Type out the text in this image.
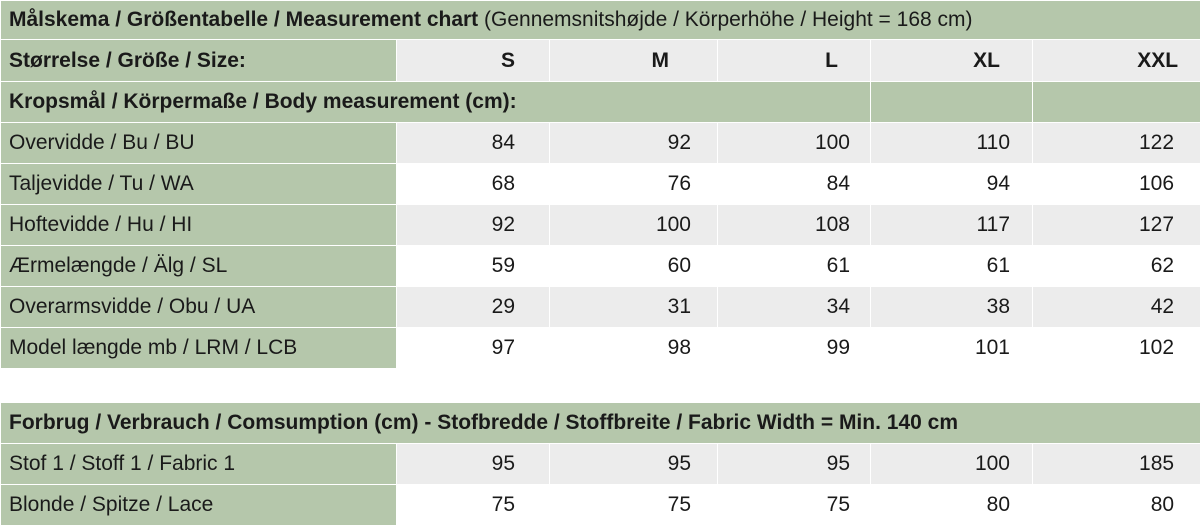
Målskema / Größentabelle / Measurement chart (Gennemsnitshøjde / Körperhöhe / Height = 168 cm)					
Størrelse / Größe / Size:	S	M	L	XL	XXL
Kropsmål / Körpermaße / Body measurement (cm):					
Overvidde / Bu / BU	84	92	100	110	122
Taljevidde / Tu / WA	68	76	84	94	106
Hoftevidde / Hu / HI	92	100	108	117	127
Ærmelængde / Älg / SL	59	60	61	61	62
Overarmsvidde / Obu / UA	29	31	34	38	42
Model længde mb / LRM / LCB	97	98	99	101	102
Forbrug / Verbrauch / Comsumption (cm) - Stofbredde / Stoffbreite / Fabric Width = Min. 140 cm					
Stof 1 / Stoff 1 / Fabric 1	95	95	95	100	185
Blonde / Spitze / Lace	75	75	75	80	80
